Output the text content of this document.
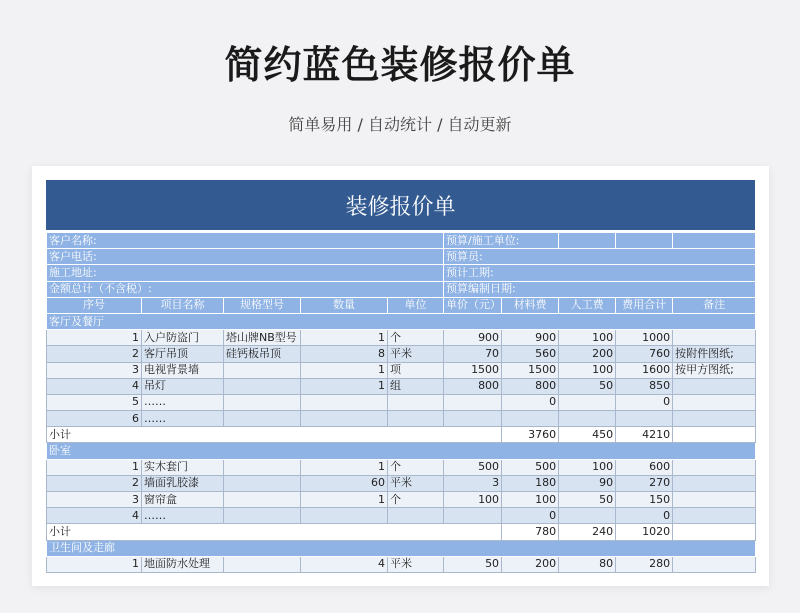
简约蓝色装修报价单
简单易用 / 自动统计 / 自动更新
装修报价单
客户名称:					预算/施工单位:				
客户电话:					预算员:				
施工地址:					预计工期:				
金额总计（不含税）:					预算编制日期:				
序号	项目名称	规格型号	数量	单位	单价（元）	材料费	人工费	费用合计	备注
客厅及餐厅									
1	入户防盗门	塔山牌NB型号	1	个	900	900	100	1000	
2	客厅吊顶	硅钙板吊顶	8	平米	70	560	200	760	按附件图纸;
3	电视背景墙		1	项	1500	1500	100	1600	按甲方图纸;
4	吊灯		1	组	800	800	50	850	
5	……					0		0	
6	……								
小计						3760	450	4210	
卧室									
1	实木套门		1	个	500	500	100	600	
2	墙面乳胶漆		60	平米	3	180	90	270	
3	窗帘盒		1	个	100	100	50	150	
4	……					0		0	
小计						780	240	1020	
卫生间及走廊									
1	地面防水处理		4	平米	50	200	80	280	
